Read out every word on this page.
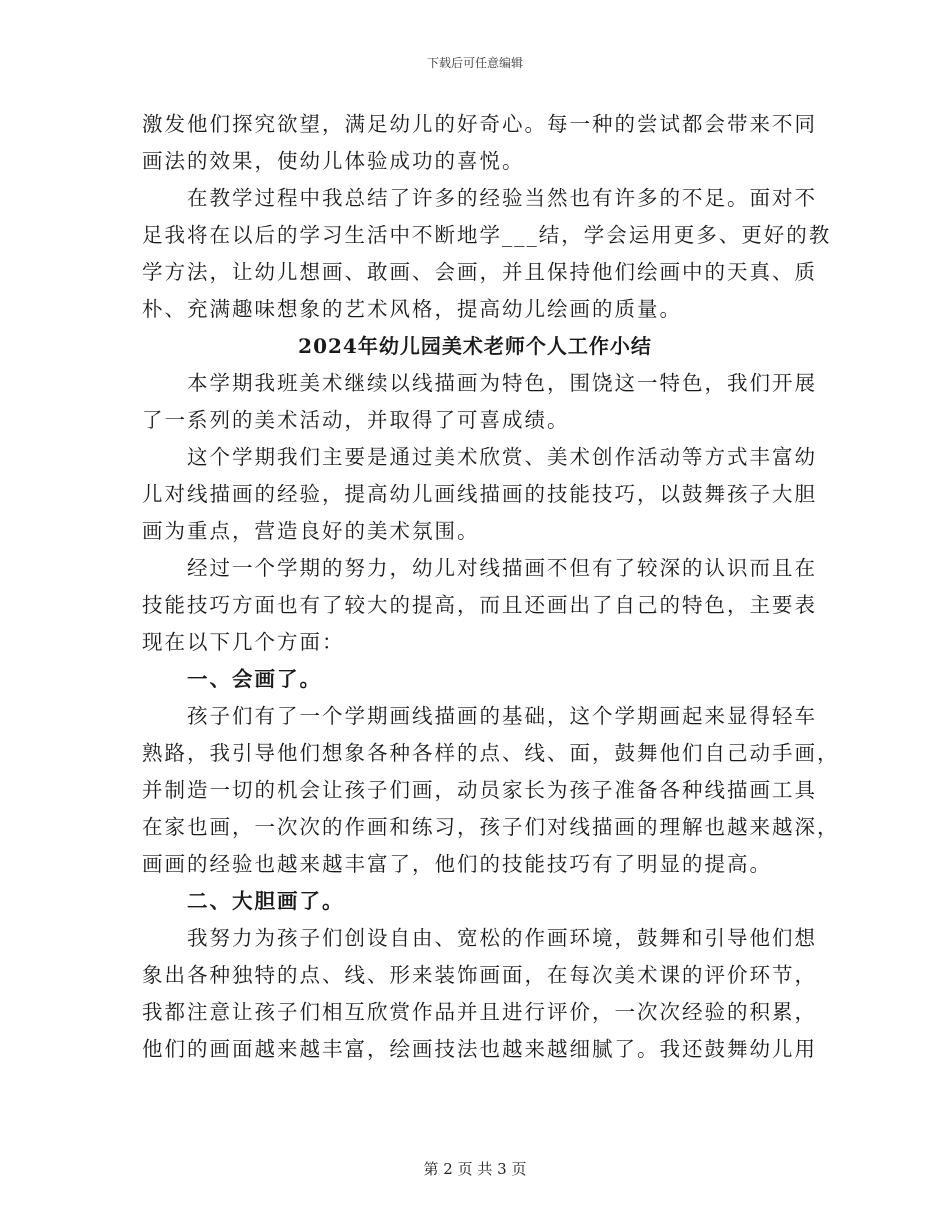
下载后可任意编辑
激发他们探究欲望，满足幼儿的好奇心。每一种的尝试都会带来不同
画法的效果，使幼儿体验成功的喜悦。
在教学过程中我总结了许多的经验当然也有许多的不足。面对不
足我将在以后的学习生活中不断地学___结，学会运用更多、更好的教
学方法，让幼儿想画、敢画、会画，并且保持他们绘画中的天真、质
朴、充满趣味想象的艺术风格，提高幼儿绘画的质量。
2024年幼儿园美术老师个人工作小结
本学期我班美术继续以线描画为特色，围饶这一特色，我们开展
了一系列的美术活动，并取得了可喜成绩。
这个学期我们主要是通过美术欣赏、美术创作活动等方式丰富幼
儿对线描画的经验，提高幼儿画线描画的技能技巧，以鼓舞孩子大胆
画为重点，营造良好的美术氛围。
经过一个学期的努力，幼儿对线描画不但有了较深的认识而且在
技能技巧方面也有了较大的提高，而且还画出了自己的特色，主要表
现在以下几个方面：
一、会画了。
孩子们有了一个学期画线描画的基础，这个学期画起来显得轻车
熟路，我引导他们想象各种各样的点、线、面，鼓舞他们自己动手画，
并制造一切的机会让孩子们画，动员家长为孩子准备各种线描画工具
在家也画，一次次的作画和练习，孩子们对线描画的理解也越来越深，
画画的经验也越来越丰富了，他们的技能技巧有了明显的提高。
二、大胆画了。
我努力为孩子们创设自由、宽松的作画环境，鼓舞和引导他们想
象出各种独特的点、线、形来装饰画面，在每次美术课的评价环节，
我都注意让孩子们相互欣赏作品并且进行评价，一次次经验的积累，
他们的画面越来越丰富，绘画技法也越来越细腻了。我还鼓舞幼儿用
第 2 页 共 3 页
